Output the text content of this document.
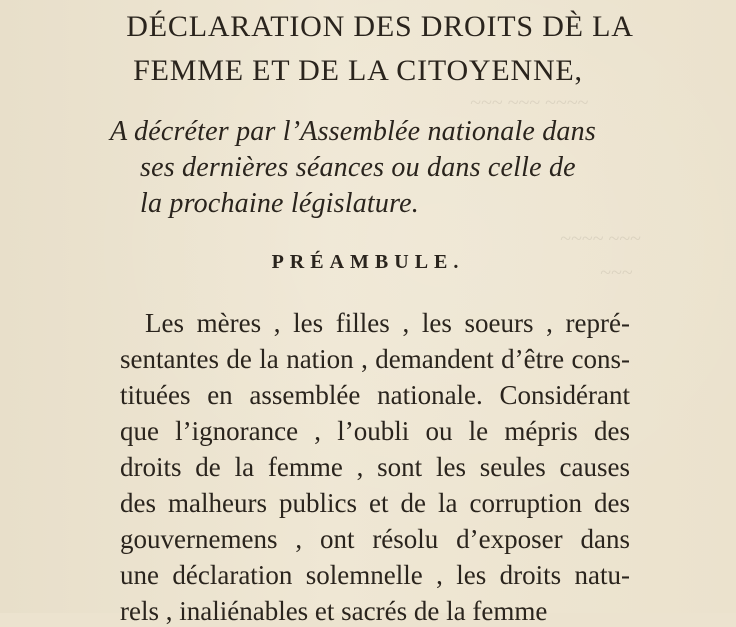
~~~ ~~~ ~~~~
~~~~ ~~~
~~~
DÉCLARATION DES DROITS DÈ LA
FEMME ET DE LA CITOYENNE,
A décréter par l’Assemblée nationale dans
ses dernières séances ou dans celle de
la prochaine législature.
PRÉAMBULE.
Les mères , les filles , les soeurs , repré-
sentantes de la nation , demandent d’être cons-
tituées en assemblée nationale. Considérant
que l’ignorance , l’oubli ou le mépris des
droits de la femme , sont les seules causes
des malheurs publics et de la corruption des
gouvernemens , ont résolu d’exposer dans
une déclaration solemnelle , les droits natu-
rels , inaliénables et sacrés de la femme
